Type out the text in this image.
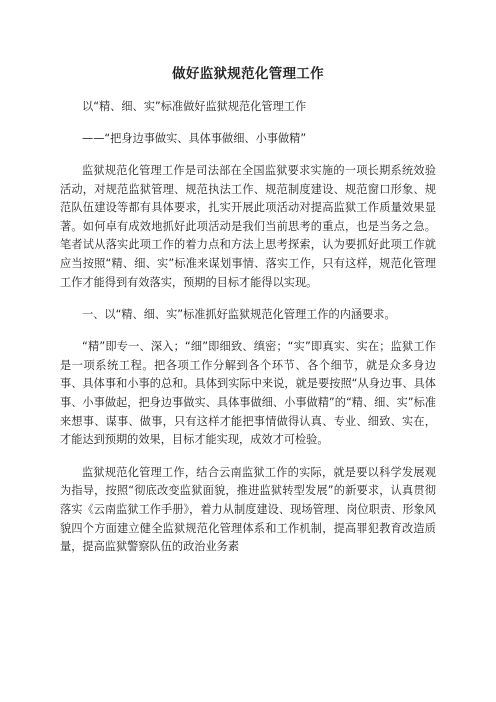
做好监狱规范化管理工作
以“精、细、实”标准做好监狱规范化管理工作
——“把身边事做实、具体事做细、小事做精”
监狱规范化管理工作是司法部在全国监狱要求实施的一项长期系统效验活动，对规范监狱管理、规范执法工作、规范制度建设、规范窗口形象、规范队伍建设等都有具体要求，扎实开展此项活动对提高监狱工作质量效果显著。如何卓有成效地抓好此项活动是我们当前思考的重点，也是当务之急。笔者试从落实此项工作的着力点和方法上思考探索，认为要抓好此项工作就应当按照“精、细、实”标准来谋划事情、落实工作，只有这样，规范化管理工作才能得到有效落实，预期的目标才能得以实现。
一、以“精、细、实”标准抓好监狱规范化管理工作的内涵要求。
“精”即专一、深入；“细”即细致、缜密；“实”即真实、实在；监狱工作是一项系统工程。把各项工作分解到各个环节、各个细节，就是众多身边事、具体事和小事的总和。具体到实际中来说，就是要按照“从身边事、具体事、小事做起，把身边事做实、具体事做细、小事做精”的“精、细、实”标准来想事、谋事、做事，只有这样才能把事情做得认真、专业、细致、实在，才能达到预期的效果，目标才能实现，成效才可检验。
监狱规范化管理工作，结合云南监狱工作的实际，就是要以科学发展观为指导，按照“彻底改变监狱面貌，推进监狱转型发展”的新要求，认真贯彻落实《云南监狱工作手册》，着力从制度建设、现场管理、岗位职责、形象风貌四个方面建立健全监狱规范化管理体系和工作机制，提高罪犯教育改造质量，提高监狱警察队伍的政治业务素
